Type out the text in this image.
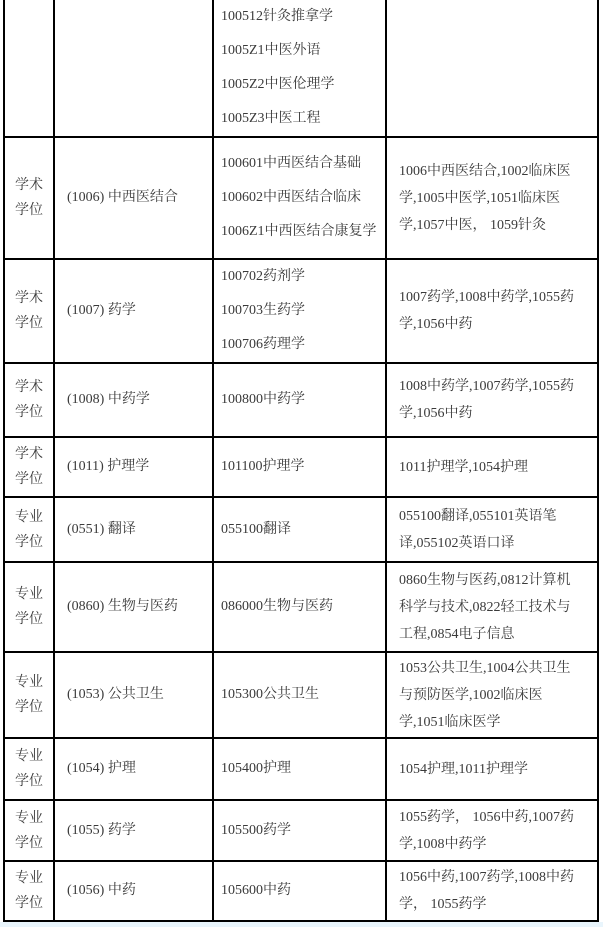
		100512针灸推拿学
1005Z1中医外语
1005Z2中医伦理学
1005Z3中医工程	

学术学位	(1006) 中西医结合	100601中西医结合基础
100602中西医结合临床
1006Z1中西医结合康复学	1006中西医结合,1002临床医学,1005中医学,1051临床医学,1057中医， 1059针灸

学术学位	(1007) 药学	100702药剂学
100703生药学
100706药理学	1007药学,1008中药学,1055药学,1056中药

学术学位	(1008) 中药学	100800中药学	1008中药学,1007药学,1055药学,1056中药

学术学位	(1011) 护理学	101100护理学	1011护理学,1054护理

专业学位	(0551) 翻译	055100翻译	055100翻译,055101英语笔译,055102英语口译

专业学位	(0860) 生物与医药	086000生物与医药	0860生物与医药,0812计算机科学与技术,0822轻工技术与工程,0854电子信息

专业学位	(1053) 公共卫生	105300公共卫生	1053公共卫生,1004公共卫生与预防医学,1002临床医学,1051临床医学

专业学位	(1054) 护理	105400护理	1054护理,1011护理学

专业学位	(1055) 药学	105500药学	1055药学， 1056中药,1007药学,1008中药学

专业学位	(1056) 中药	105600中药	1056中药,1007药学,1008中药学， 1055药学
